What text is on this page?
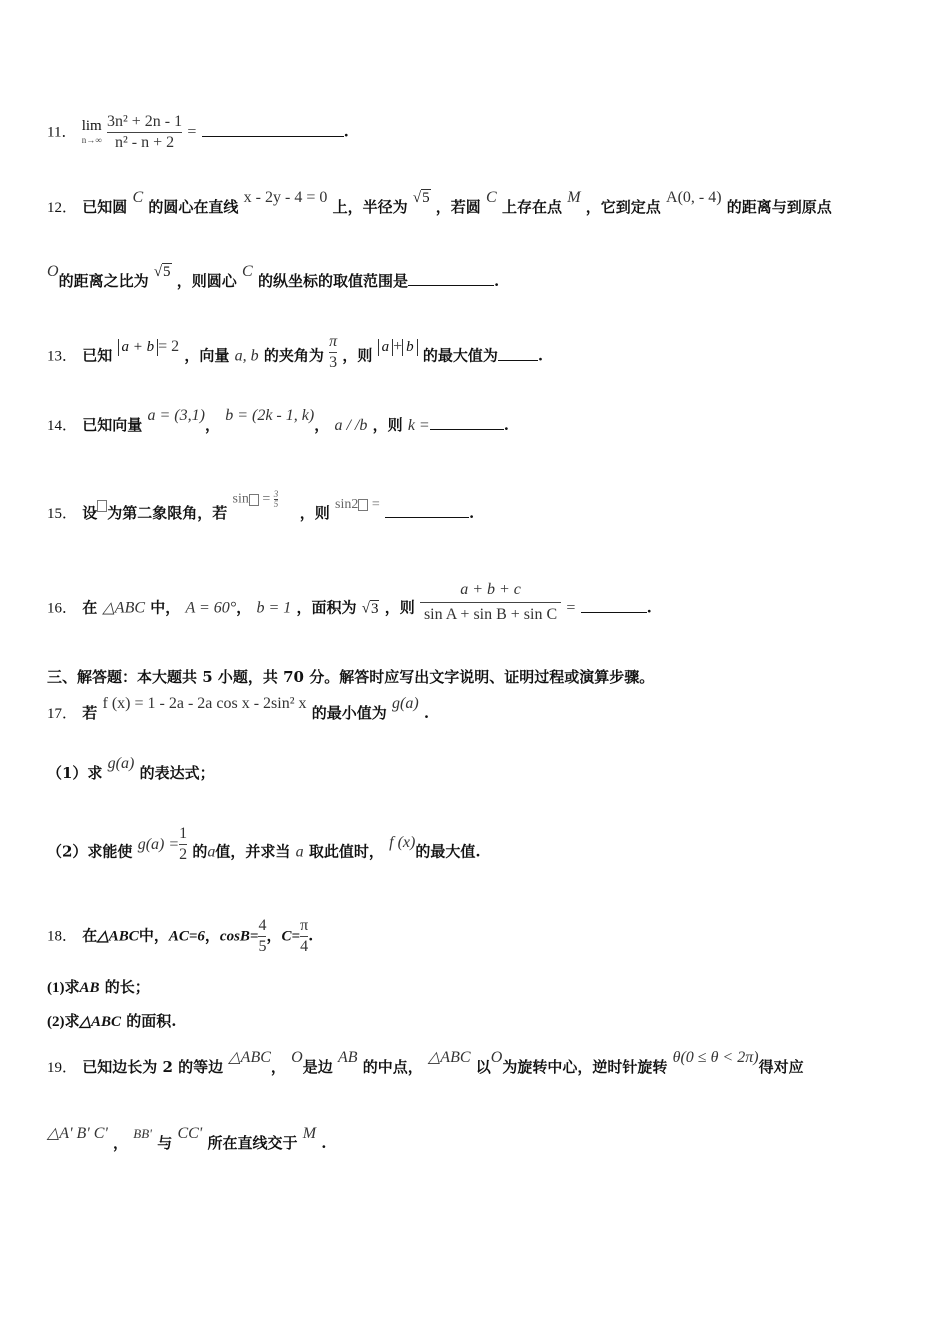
11． lim
n→∞
$\frac{\text{3n² + 2n - 1}}{\text{n² - n + 2}}$ =	.
12． 已知圆 C 的圆心在直线 x - 2y - 4 = 0 上，半径为 √5 ，若圆 C 上存在点 M ，它到定点 A(0, - 4) 的距离与到原点
O的距离之比为 √5 ，则圆心 C 的纵坐标的取值范围是	.
13． 已知 a + b = 2 ，向量 a, b 的夹角为 $\frac{\pi}{3}$ ，则 a + b 的最大值为	.
14． 已知向量 a = (3,1)， b = (2k - 1, k)， a / /b ，则 k =	.
15． 设 为第二象限角，若
$\sin = \frac{3}{5}$
，则 sin2 =	.
16． 在 △ABC 中， A = 60°， b = 1 ，面积为 √3 ，则 $\frac{a + b + c}{\text{sin A + sin B + sin C}}$ =	.
三、解答题：本大题共 5 小题，共 70 分。解答时应写出文字说明、证明过程或演算步骤。
17． 若 f (x) = 1 - 2a - 2a cos x - 2sin² x 的最小值为 g(a) .
（1）求 g(a) 的表达式；
（2）求能使 $g(a) = \frac{1}{2}$ 的a值，并求当 a 取此值时， f (x)的最大值.
18． 在△ABC中，AC=6，$\cos B= \frac{4}{5}$ ，$C= \frac{\pi}{4}$ .
(1)求AB 的长；
(2)求△ABC 的面积.
19． 已知边长为 2 的等边 △ABC， O是边 AB 的中点， △ABC 以O为旋转中心，逆时针旋转 θ(0 ≤ θ < 2π)得对应
△A' B' C' ， BB' 与 CC' 所在直线交于 M .
